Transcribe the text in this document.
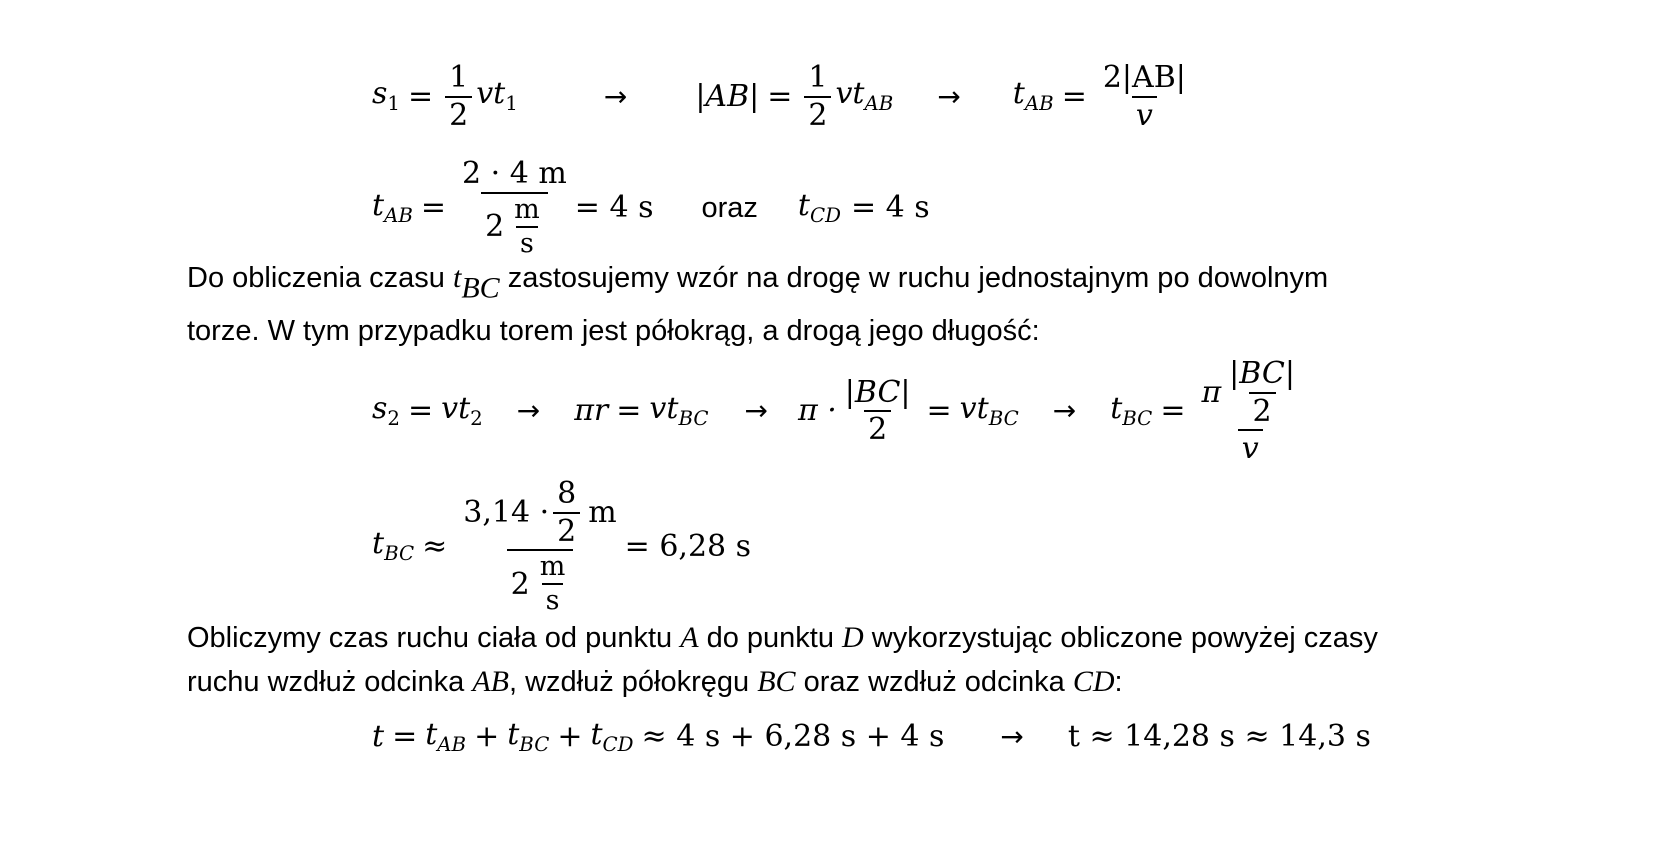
$s_1 = \frac{1}{2} vt_1$	→ $|AB| = \frac{1}{2} vt_{AB} \to t_{AB} = \frac{2|AB|}{v}$
$t_{AB} = \frac{2 \cdot 4 m}{2 \frac{m}{s}} = 4$ s oraz $t_{CD} = 4$ s
Do obliczenia czasu tBC zastosujemy wzór na drogę w ruchu jednostajnym po dowolnym
torze. W tym przypadku torem jest półokrąg, a drogą jego długość:
$s_2 = vt_2 \to \pi r = vt_{BC} \to \pi \cdot \frac{|BC|}{2} = vt_{BC} \to t_{BC} = \frac{\pi \frac{|BC|}{2}}{v}$
$t_{BC} \approx \frac{3,14 \cdot \frac{8}{2} m}{2 \frac{m}{s}} = 6,28$ s
Obliczymy czas ruchu ciała od punktu A do punktu D wykorzystując obliczone powyżej czasy
ruchu wzdłuż odcinka AB, wzdłuż półokręgu BC oraz wzdłuż odcinka CD:
$t = t_{AB} + t_{BC} + t_{CD} \approx 4$ s + 6,28 s + 4 s → t ≈ 14,28 s ≈ 14,3 s
